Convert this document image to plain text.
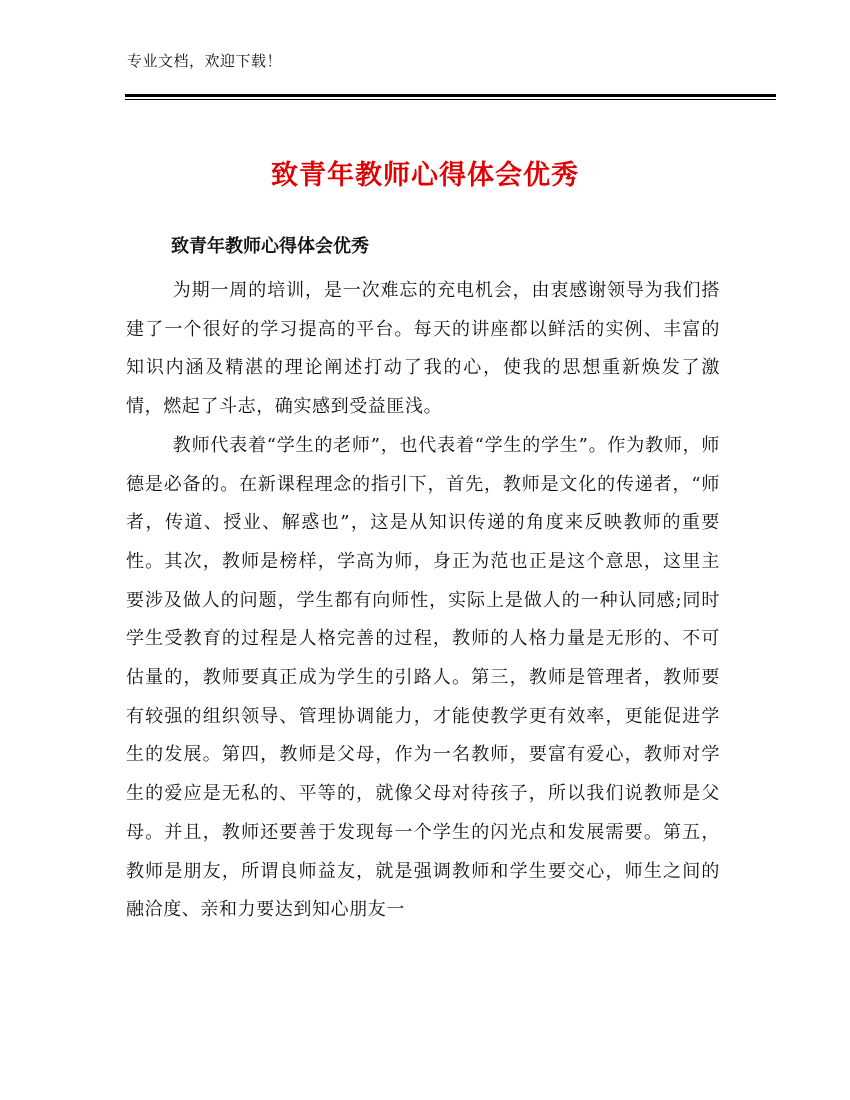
专业文档，欢迎下载！
致青年教师心得体会优秀
致青年教师心得体会优秀

为期一周的培训，是一次难忘的充电机会，由衷感谢领导为我们搭建了一个很好的学习提高的平台。每天的讲座都以鲜活的实例、丰富的知识内涵及精湛的理论阐述打动了我的心，使我的思想重新焕发了激情，燃起了斗志，确实感到受益匪浅。

教师代表着“学生的老师”，也代表着“学生的学生”。作为教师，师德是必备的。在新课程理念的指引下，首先，教师是文化的传递者，“师者，传道、授业、解惑也”，这是从知识传递的角度来反映教师的重要性。其次，教师是榜样，学高为师，身正为范也正是这个意思，这里主要涉及做人的问题，学生都有向师性，实际上是做人的一种认同感;同时学生受教育的过程是人格完善的过程，教师的人格力量是无形的、不可估量的，教师要真正成为学生的引路人。第三，教师是管理者，教师要有较强的组织领导、管理协调能力，才能使教学更有效率，更能促进学生的发展。第四，教师是父母，作为一名教师，要富有爱心，教师对学生的爱应是无私的、平等的，就像父母对待孩子，所以我们说教师是父母。并且，教师还要善于发现每一个学生的闪光点和发展需要。第五，教师是朋友，所谓良师益友，就是强调教师和学生要交心，师生之间的融洽度、亲和力要达到知心朋友一
